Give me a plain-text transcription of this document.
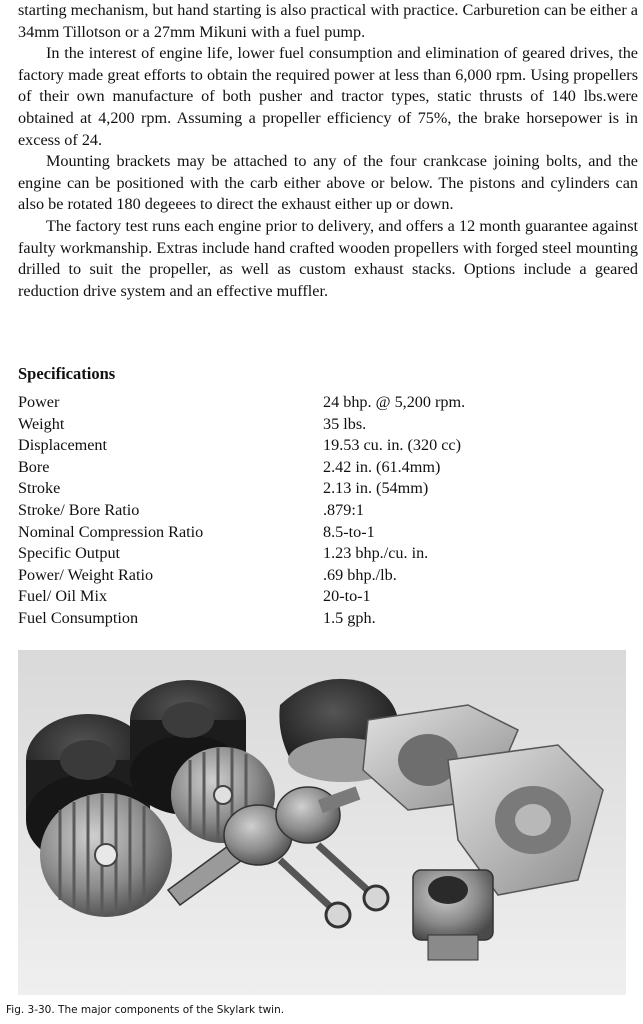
starting mechanism, but hand starting is also practical with practice. Carburetion can be either a 34mm Tillotson or a 27mm Mikuni with a fuel pump.

In the interest of engine life, lower fuel consumption and elimination of geared drives, the factory made great efforts to obtain the required power at less than 6,000 rpm. Using propellers of their own manufacture of both pusher and tractor types, static thrusts of 140 lbs.were obtained at 4,200 rpm. Assuming a propeller efficiency of 75%, the brake horsepower is in excess of 24.

Mounting brackets may be attached to any of the four crankcase joining bolts, and the engine can be positioned with the carb either above or below. The pistons and cylinders can also be rotated 180 degeees to direct the exhaust either up or down.

The factory test runs each engine prior to delivery, and offers a 12 month guarantee against faulty workmanship. Extras include hand crafted wooden propellers with forged steel mounting drilled to suit the propeller, as well as custom exhaust stacks. Options include a geared reduction drive system and an effective muffler.

Specifications
Power	24 bhp. @ 5,200 rpm.
Weight	35 lbs.
Displacement	19.53 cu. in. (320 cc)
Bore	2.42 in. (61.4mm)
Stroke	2.13 in. (54mm)
Stroke/ Bore Ratio	.879:1
Nominal Compression Ratio	8.5-to-1
Specific Output	1.23 bhp./cu. in.
Power/ Weight Ratio	.69 bhp./lb.
Fuel/ Oil Mix	20-to-1
Fuel Consumption	1.5 gph.
Fig. 3-30. The major components of the Skylark twin.
